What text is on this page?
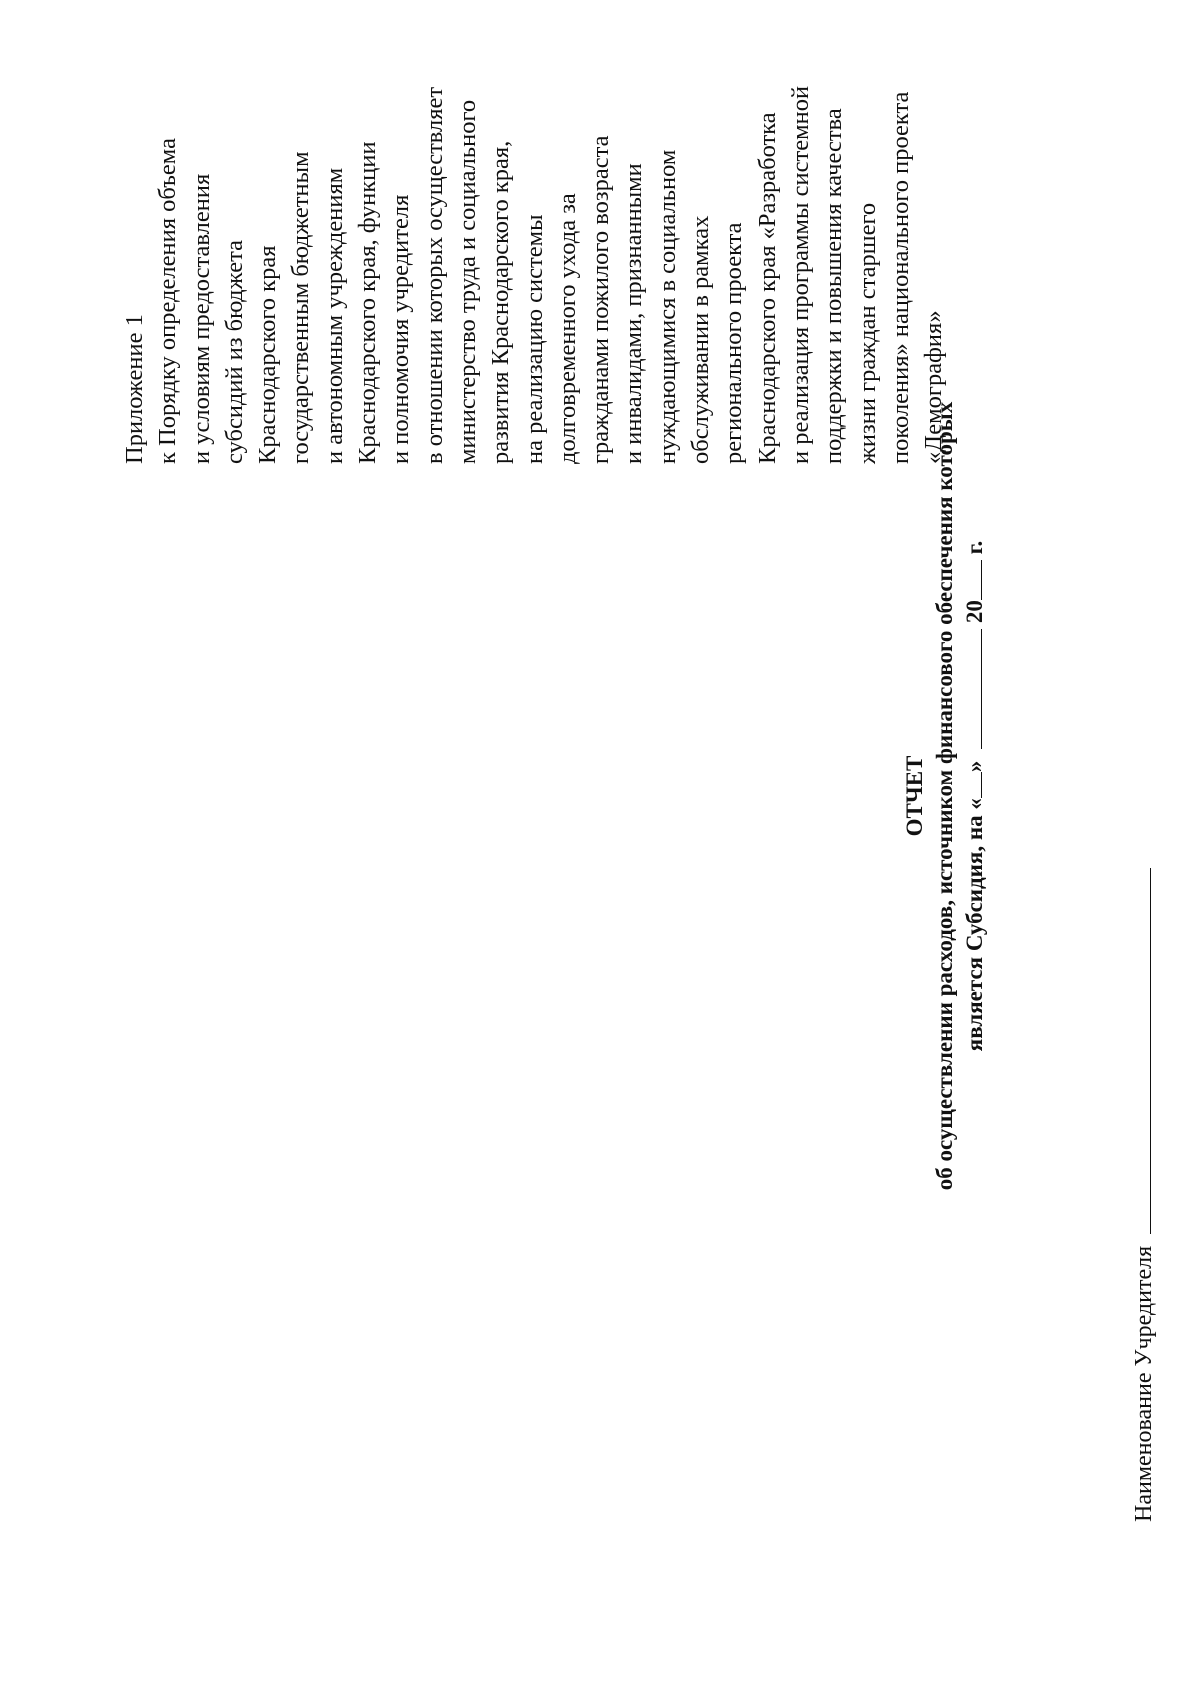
Приложение 1 к Порядку определения объема и условиям предоставления субсидий из бюджета Краснодарского края государственным бюджетным и автономным учреждениям Краснодарского края, функции и полномочия учредителя в отношении которых осуществляет министерство труда и социального развития Краснодарского края, на реализацию системы долговременного ухода за гражданами пожилого возраста и инвалидами, признанными нуждающимися в социальном обслуживании в рамках регионального проекта Краснодарского края «Разработка и реализация программы системной поддержки и повышения качества жизни граждан старшего поколения» национального проекта «Демография»
ОТЧЕТ об осуществлении расходов, источником финансового обеспечения которых является Субсидия, на «»  20 г.
Наименование Учредителя
